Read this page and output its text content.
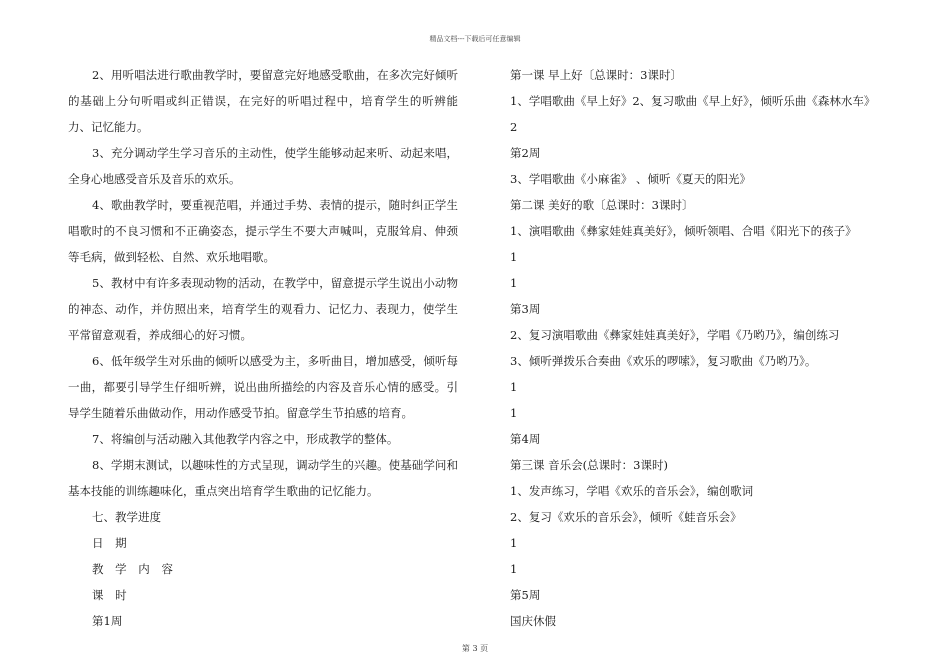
精品文档---下载后可任意编辑

2、用听唱法进行歌曲教学时，要留意完好地感受歌曲，在多次完好倾听的基础上分句听唱或纠正错误，在完好的听唱过程中，培育学生的听辨能力、记忆能力。

3、充分调动学生学习音乐的主动性，使学生能够动起来听、动起来唱，全身心地感受音乐及音乐的欢乐。

4、歌曲教学时，要重视范唱，并通过手势、表情的提示，随时纠正学生唱歌时的不良习惯和不正确姿态，提示学生不要大声喊叫，克服耸肩、伸颈等毛病，做到轻松、自然、欢乐地唱歌。

5、教材中有许多表现动物的活动，在教学中，留意提示学生说出小动物的神态、动作，并仿照出来，培育学生的观看力、记忆力、表现力，使学生平常留意观看，养成细心的好习惯。

6、低年级学生对乐曲的倾听以感受为主，多听曲目，增加感受，倾听每一曲，都要引导学生仔细听辨，说出曲所描绘的内容及音乐心情的感受。引导学生随着乐曲做动作，用动作感受节拍。留意学生节拍感的培育。

7、将编创与活动融入其他教学内容之中，形成教学的整体。

8、学期末测试，以趣味性的方式呈现，调动学生的兴趣。使基础学问和基本技能的训练趣味化，重点突出培育学生歌曲的记忆能力。

七、教学进度

日 期

教 学 内 容

课 时

第1周

第一课 早上好〔总课时：3课时〕

1、学唱歌曲《早上好》2、复习歌曲《早上好》，倾听乐曲《森林水车》

2

第2周

3、学唱歌曲《小麻雀》 、倾听《夏天的阳光》

第二课 美好的歌〔总课时：3课时〕

1、演唱歌曲《彝家娃娃真美好》，倾听领唱、合唱《阳光下的孩子》

1

1

第3周

2、复习演唱歌曲《彝家娃娃真美好》，学唱《乃哟乃》，编创练习

3、倾听弹拨乐合奏曲《欢乐的啰嗦》，复习歌曲《乃哟乃》。

1

1

第4周

第三课 音乐会(总课时：3课时)

1、发声练习，学唱《欢乐的音乐会》，编创歌词

2、复习《欢乐的音乐会》，倾听《蛙音乐会》

1

1

第5周

国庆休假

第 3 页
